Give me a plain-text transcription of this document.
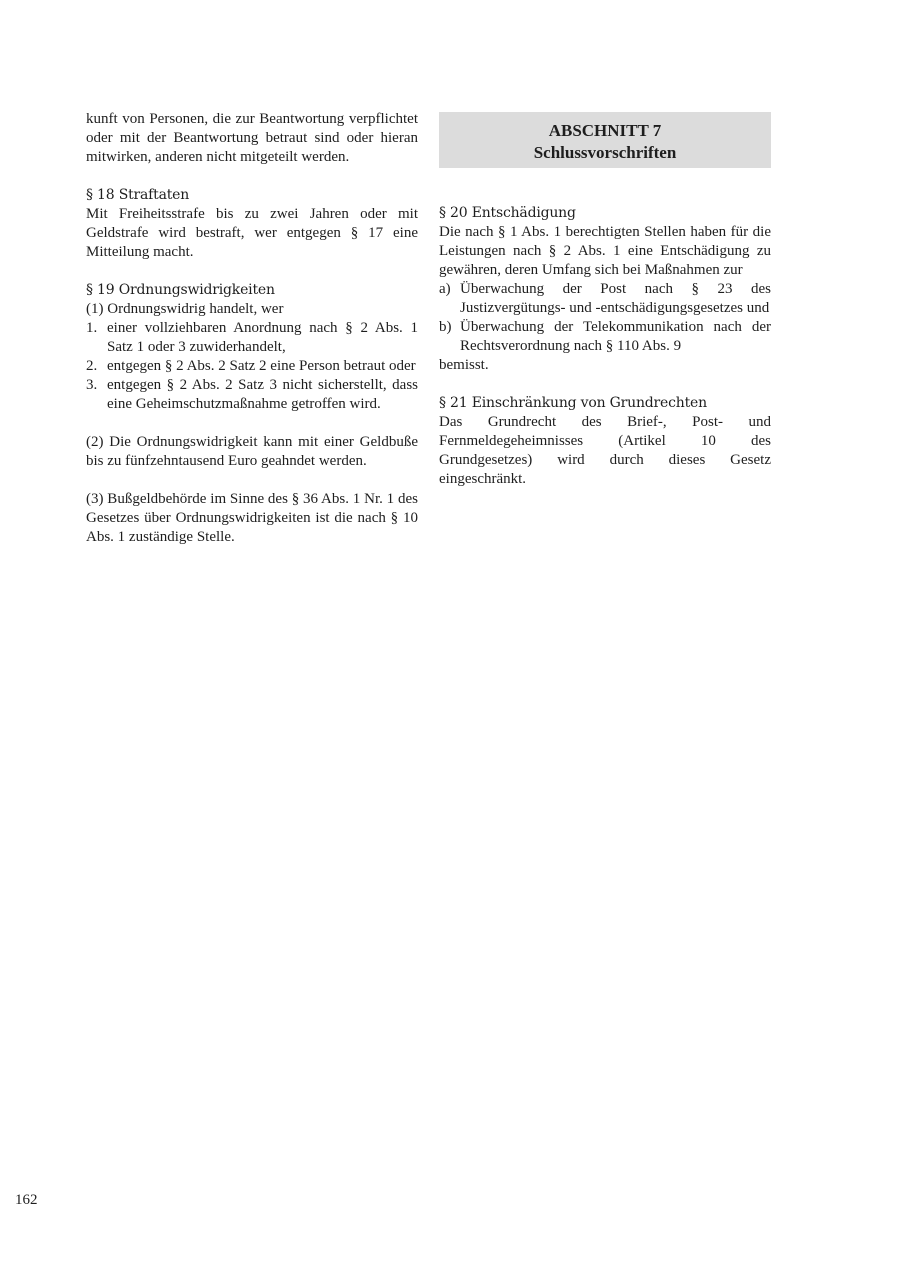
kunft von Personen, die zur Beantwortung verpflichtet oder mit der Beantwortung betraut sind oder hieran mitwirken, anderen nicht mitgeteilt werden.

§ 18 Straftaten

Mit Freiheitsstrafe bis zu zwei Jahren oder mit Geldstrafe wird bestraft, wer entgegen § 17 eine Mitteilung macht.

§ 19 Ordnungswidrigkeiten

(1) Ordnungswidrig handelt, wer

1. einer vollziehbaren Anordnung nach § 2 Abs. 1 Satz 1 oder 3 zuwiderhandelt,
2. entgegen § 2 Abs. 2 Satz 2 eine Person betraut oder
3. entgegen § 2 Abs. 2 Satz 3 nicht sicherstellt, dass eine Geheimschutzmaßnahme getroffen wird.

(2) Die Ordnungswidrigkeit kann mit einer Geldbuße bis zu fünfzehntausend Euro geahndet werden.

(3) Bußgeldbehörde im Sinne des § 36 Abs. 1 Nr. 1 des Gesetzes über Ordnungswidrigkeiten ist die nach § 10 Abs. 1 zuständige Stelle.

ABSCHNITT 7
Schlussvorschriften
§ 20 Entschädigung

Die nach § 1 Abs. 1 berechtigten Stellen haben für die Leistungen nach § 2 Abs. 1 eine Entschädigung zu gewähren, deren Umfang sich bei Maßnahmen zur

a) Überwachung der Post nach § 23 des Justizvergütungs- und -entschädigungsgesetzes und
b) Überwachung der Telekommunikation nach der Rechtsverordnung nach § 110 Abs. 9

bemisst.

§ 21 Einschränkung von Grundrechten

Das Grundrecht des Brief-, Post- und Fernmeldegeheimnisses (Artikel 10 des Grundgesetzes) wird durch dieses Gesetz eingeschränkt.

162
